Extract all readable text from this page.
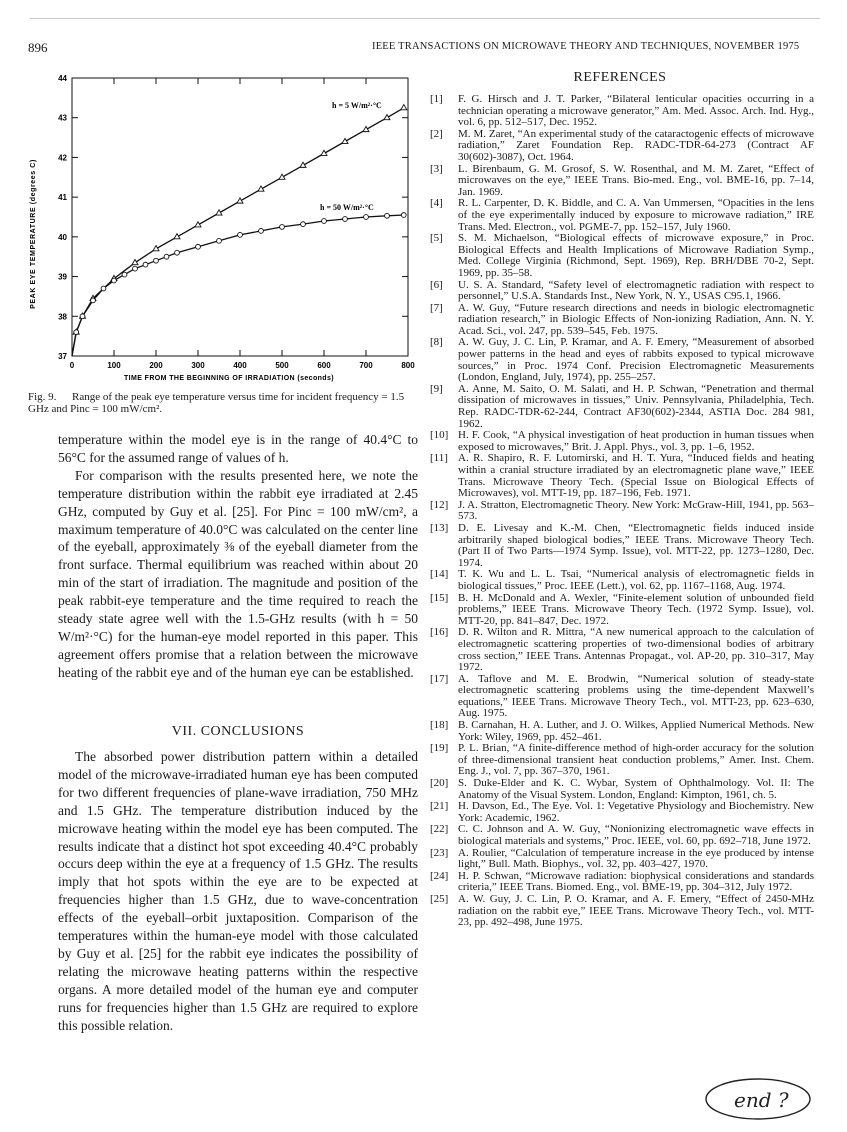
896	IEEE TRANSACTIONS ON MICROWAVE THEORY AND TECHNIQUES, NOVEMBER 1975
0	100	200	300	400	500	600	700	800
37
38
39
40
41
42
43
44
PEAK EYE TEMPERATURE (degrees C)
TIME FROM THE BEGINNING OF IRRADIATION (seconds)
h = 5 W/m²·°C
h = 50 W/m²·°C
Fig. 9. Range of the peak eye temperature versus time for incident frequency = 1.5 GHz and Pinc = 100 mW/cm².

temperature within the model eye is in the range of 40.4°C to 56°C for the assumed range of values of h.

For comparison with the results presented here, we note the temperature distribution within the rabbit eye irradiated at 2.45 GHz, computed by Guy et al. [25]. For Pinc = 100 mW/cm², a maximum temperature of 40.0°C was calculated on the center line of the eyeball, approximately ⅜ of the eyeball diameter from the front surface. Thermal equilibrium was reached within about 20 min of the start of irradiation. The magnitude and position of the peak rabbit-eye temperature and the time required to reach the steady state agree well with the 1.5-GHz results (with h = 50 W/m²·°C) for the human-eye model reported in this paper. This agreement offers promise that a relation between the microwave heating of the rabbit eye and of the human eye can be established.

VII. CONCLUSIONS

The absorbed power distribution pattern within a detailed model of the microwave-irradiated human eye has been computed for two different frequencies of plane-wave irradiation, 750 MHz and 1.5 GHz. The temperature distribution induced by the microwave heating within the model eye has been computed. The results indicate that a distinct hot spot exceeding 40.4°C probably occurs deep within the eye at a frequency of 1.5 GHz. The results imply that hot spots within the eye are to be expected at frequencies higher than 1.5 GHz, due to wave-concentration effects of the eyeball–orbit juxtaposition. Comparison of the temperatures within the human-eye model with those calculated by Guy et al. [25] for the rabbit eye indicates the possibility of relating the microwave heating patterns within the respective organs. A more detailed model of the human eye and computer runs for frequencies higher than 1.5 GHz are required to explore this possible relation.

REFERENCES
[1]	F. G. Hirsch and J. T. Parker, “Bilateral lenticular opacities occurring in a technician operating a microwave generator,” Am. Med. Assoc. Arch. Ind. Hyg., vol. 6, pp. 512–517, Dec. 1952.
[2]	M. M. Zaret, “An experimental study of the cataractogenic effects of microwave radiation,” Zaret Foundation Rep. RADC-TDR-64-273 (Contract AF 30(602)-3087), Oct. 1964.
[3]	L. Birenbaum, G. M. Grosof, S. W. Rosenthal, and M. M. Zaret, “Effect of microwaves on the eye,” IEEE Trans. Bio-med. Eng., vol. BME-16, pp. 7–14, Jan. 1969.
[4]	R. L. Carpenter, D. K. Biddle, and C. A. Van Ummersen, “Opacities in the lens of the eye experimentally induced by exposure to microwave radiation,” IRE Trans. Med. Electron., vol. PGME-7, pp. 152–157, July 1960.
[5]	S. M. Michaelson, “Biological effects of microwave exposure,” in Proc. Biological Effects and Health Implications of Microwave Radiation Symp., Med. College Virginia (Richmond, Sept. 1969), Rep. BRH/DBE 70-2, Sept. 1969, pp. 35–58.
[6]	U. S. A. Standard, “Safety level of electromagnetic radiation with respect to personnel,” U.S.A. Standards Inst., New York, N. Y., USAS C95.1, 1966.
[7]	A. W. Guy, “Future research directions and needs in biologic electromagnetic radiation research,” in Biologic Effects of Non-ionizing Radiation, Ann. N. Y. Acad. Sci., vol. 247, pp. 539–545, Feb. 1975.
[8]	A. W. Guy, J. C. Lin, P. Kramar, and A. F. Emery, “Measurement of absorbed power patterns in the head and eyes of rabbits exposed to typical microwave sources,” in Proc. 1974 Conf. Precision Electromagnetic Measurements (London, England, July, 1974), pp. 255–257.
[9]	A. Anne, M. Saito, O. M. Salati, and H. P. Schwan, “Penetration and thermal dissipation of microwaves in tissues,” Univ. Pennsylvania, Philadelphia, Tech. Rep. RADC-TDR-62-244, Contract AF30(602)-2344, ASTIA Doc. 284 981, 1962.
[10] H. F. Cook, “A physical investigation of heat production in human tissues when exposed to microwaves,” Brit. J. Appl. Phys., vol. 3, pp. 1–6, 1952.
[11] A. R. Shapiro, R. F. Lutomirski, and H. T. Yura, “Induced fields and heating within a cranial structure irradiated by an electromagnetic plane wave,” IEEE Trans. Microwave Theory Tech. (Special Issue on Biological Effects of Microwaves), vol. MTT-19, pp. 187–196, Feb. 1971.
[12] J. A. Stratton, Electromagnetic Theory. New York: McGraw-Hill, 1941, pp. 563–573.
[13] D. E. Livesay and K.-M. Chen, “Electromagnetic fields induced inside arbitrarily shaped biological bodies,” IEEE Trans. Microwave Theory Tech. (Part II of Two Parts—1974 Symp. Issue), vol. MTT-22, pp. 1273–1280, Dec. 1974.
[14] T. K. Wu and L. L. Tsai, “Numerical analysis of electromagnetic fields in biological tissues,” Proc. IEEE (Lett.), vol. 62, pp. 1167–1168, Aug. 1974.
[15] B. H. McDonald and A. Wexler, “Finite-element solution of unbounded field problems,” IEEE Trans. Microwave Theory Tech. (1972 Symp. Issue), vol. MTT-20, pp. 841–847, Dec. 1972.
[16] D. R. Wilton and R. Mittra, “A new numerical approach to the calculation of electromagnetic scattering properties of two-dimensional bodies of arbitrary cross section,” IEEE Trans. Antennas Propagat., vol. AP-20, pp. 310–317, May 1972.
[17] A. Taflove and M. E. Brodwin, “Numerical solution of steady-state electromagnetic scattering problems using the time-dependent Maxwell’s equations,” IEEE Trans. Microwave Theory Tech., vol. MTT-23, pp. 623–630, Aug. 1975.
[18] B. Carnahan, H. A. Luther, and J. O. Wilkes, Applied Numerical Methods. New York: Wiley, 1969, pp. 452–461.
[19] P. L. Brian, “A finite-difference method of high-order accuracy for the solution of three-dimensional transient heat conduction problems,” Amer. Inst. Chem. Eng. J., vol. 7, pp. 367–370, 1961.
[20] S. Duke-Elder and K. C. Wybar, System of Ophthalmology. Vol. II: The Anatomy of the Visual System. London, England: Kimpton, 1961, ch. 5.
[21] H. Davson, Ed., The Eye. Vol. 1: Vegetative Physiology and Biochemistry. New York: Academic, 1962.
[22] C. C. Johnson and A. W. Guy, “Nonionizing electromagnetic wave effects in biological materials and systems,” Proc. IEEE, vol. 60, pp. 692–718, June 1972.
[23] A. Roulier, “Calculation of temperature increase in the eye produced by intense light,” Bull. Math. Biophys., vol. 32, pp. 403–427, 1970.
[24] H. P. Schwan, “Microwave radiation: biophysical considerations and standards criteria,” IEEE Trans. Biomed. Eng., vol. BME-19, pp. 304–312, July 1972.
[25] A. W. Guy, J. C. Lin, P. O. Kramar, and A. F. Emery, “Effect of 2450-MHz radiation on the rabbit eye,” IEEE Trans. Microwave Theory Tech., vol. MTT-23, pp. 492–498, June 1975.
end ?
